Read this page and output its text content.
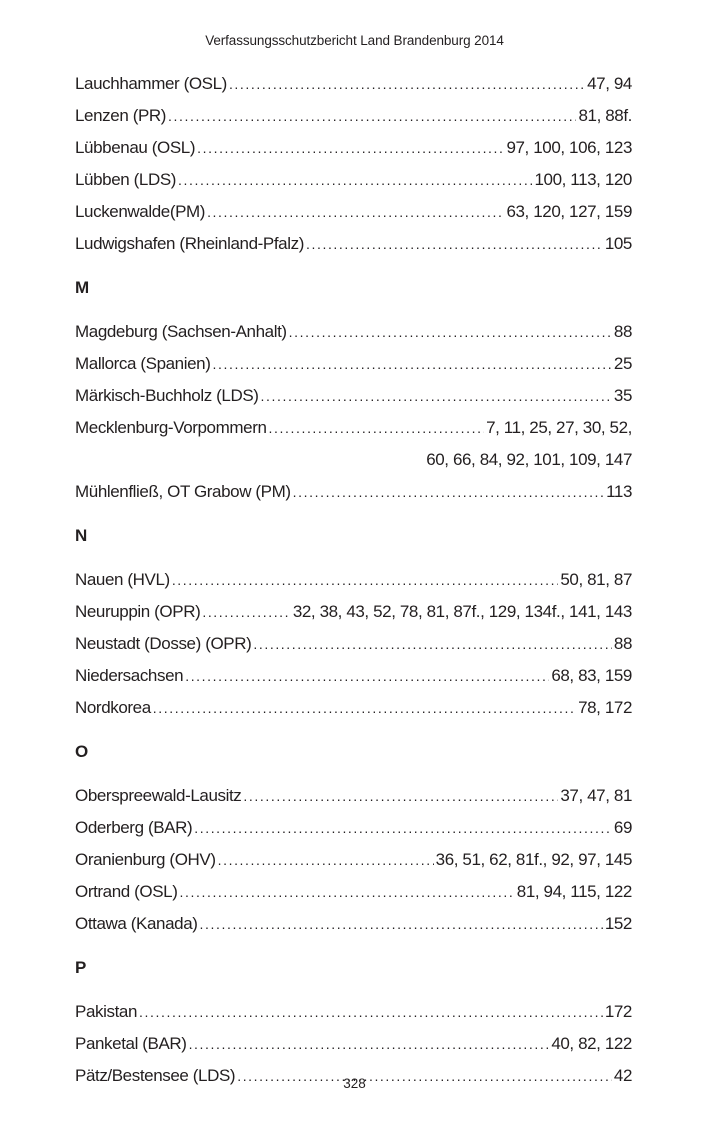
Verfassungsschutzbericht Land Brandenburg 2014
Lauchhammer (OSL) .....	47, 94
Lenzen (PR) .....	81, 88f.
Lübbenau (OSL) .....	97, 100, 106, 123
Lübben (LDS) .....	100, 113, 120
Luckenwalde(PM) .....	63, 120, 127, 159
Ludwigshafen (Rheinland-Pfalz) .....	105
M
Magdeburg (Sachsen-Anhalt) .....	88
Mallorca (Spanien) .....	25
Märkisch-Buchholz (LDS) .....	35
Mecklenburg-Vorpommern .....	7, 11, 25, 27, 30, 52,
60, 66, 84, 92, 101, 109, 147
Mühlenfließ, OT Grabow (PM) .....	113
N
Nauen (HVL) .....	50, 81, 87
Neuruppin (OPR) .....	32, 38, 43, 52, 78, 81, 87f., 129, 134f., 141, 143
Neustadt (Dosse) (OPR) .....	88
Niedersachsen .....	68, 83, 159
Nordkorea .....	78, 172
O
Oberspreewald-Lausitz .....	37, 47, 81
Oderberg (BAR) .....	69
Oranienburg (OHV) .....	36, 51, 62, 81f., 92, 97, 145
Ortrand (OSL) .....	81, 94, 115, 122
Ottawa (Kanada) .....	152
P
Pakistan .....	172
Panketal (BAR) .....	40, 82, 122
Pätz/Bestensee (LDS) .....	42
328
